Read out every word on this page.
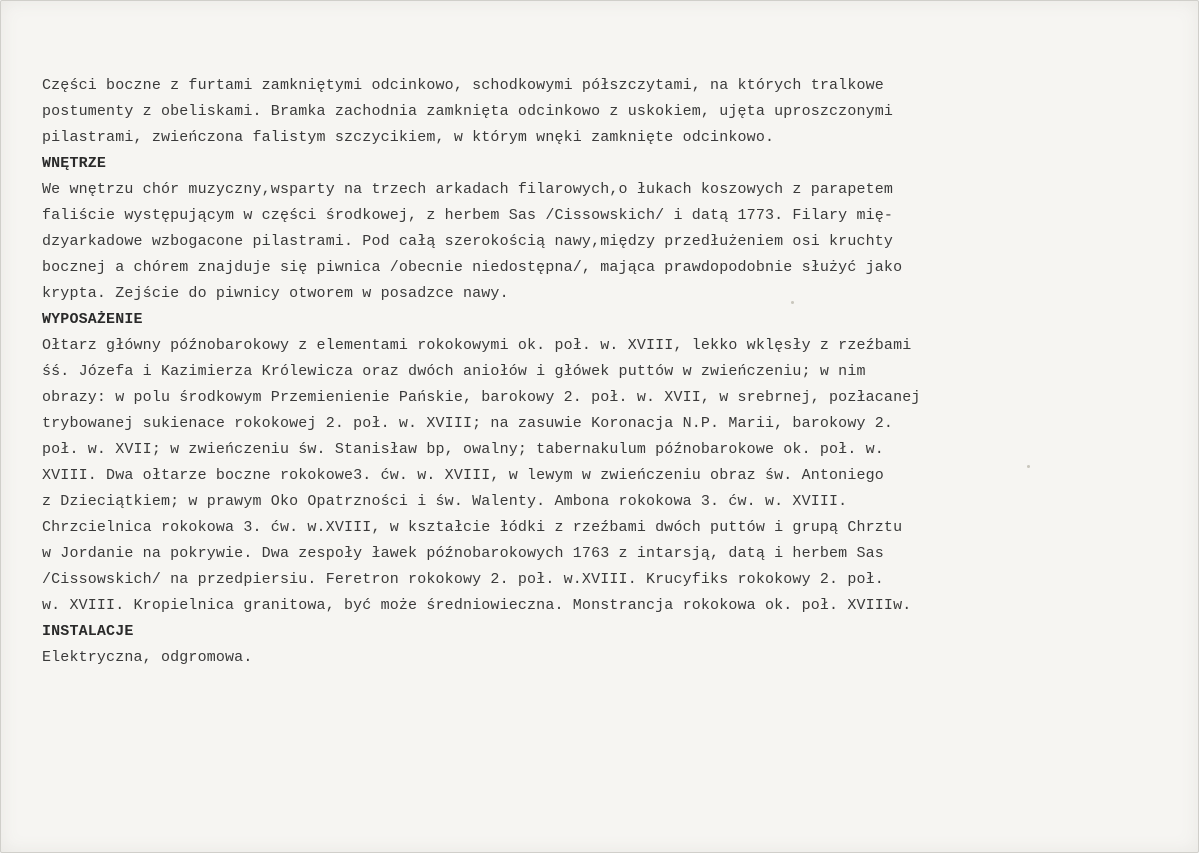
Części boczne z furtami zamkniętymi odcinkowo, schodkowymi półszczytami, na których tralkowe
postumenty z obeliskami. Bramka zachodnia zamknięta odcinkowo z uskokiem, ujęta uproszczonymi
pilastrami, zwieńczona falistym szczycikiem, w którym wnęki zamknięte odcinkowo.
WNĘTRZE
We wnętrzu chór muzyczny,wsparty na trzech arkadach filarowych,o łukach koszowych z parapetem
faliście występującym w części środkowej, z herbem Sas /Cissowskich/ i datą 1773. Filary mię-
dzyarkadowe wzbogacone pilastrami. Pod całą szerokością nawy,między przedłużeniem osi kruchty
bocznej a chórem znajduje się piwnica /obecnie niedostępna/, mająca prawdopodobnie służyć jako
krypta. Zejście do piwnicy otworem w posadzce nawy.
WYPOSAŻENIE
Ołtarz główny późnobarokowy z elementami rokokowymi ok. poł. w. XVIII, lekko wklęsły z rzeźbami
śś. Józefa i Kazimierza Królewicza oraz dwóch aniołów i główek puttów w zwieńczeniu; w nim
obrazy: w polu środkowym Przemienienie Pańskie, barokowy 2. poł. w. XVII, w srebrnej, pozłacanej
trybowanej sukienace rokokowej 2. poł. w. XVIII; na zasuwie Koronacja N.P. Marii, barokowy 2.
poł. w. XVII; w zwieńczeniu św. Stanisław bp, owalny; tabernakulum późnobarokowe ok. poł. w.
XVIII. Dwa ołtarze boczne rokokowe3. ćw. w. XVIII, w lewym w zwieńczeniu obraz św. Antoniego
z Dzieciątkiem; w prawym Oko Opatrzności i św. Walenty. Ambona rokokowa 3. ćw. w. XVIII.
Chrzcielnica rokokowa 3. ćw. w.XVIII, w kształcie łódki z rzeźbami dwóch puttów i grupą Chrztu
w Jordanie na pokrywie. Dwa zespoły ławek późnobarokowych 1763 z intarsją, datą i herbem Sas
/Cissowskich/ na przedpiersiu. Feretron rokokowy 2. poł. w.XVIII. Krucyfiks rokokowy 2. poł.
w. XVIII. Kropielnica granitowa, być może średniowieczna. Monstrancja rokokowa ok. poł. XVIIIw.
INSTALACJE
Elektryczna, odgromowa.
